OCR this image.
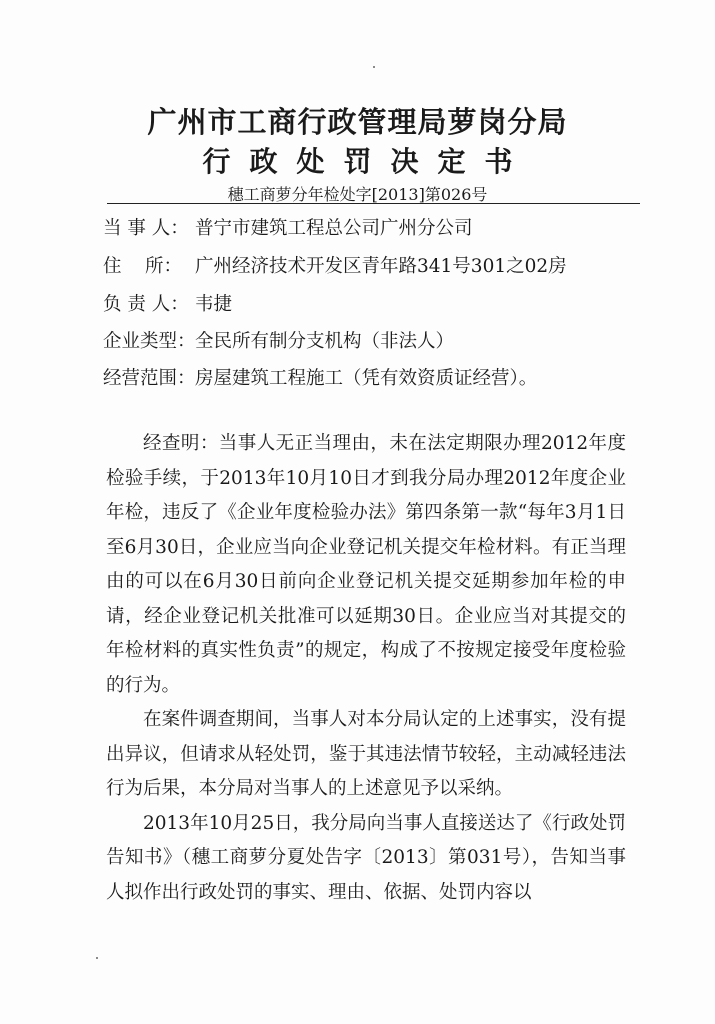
广州市工商行政管理局萝岗分局
行政处罚决定书
穗工商萝分年检处字[2013]第026号
当 事 人： 普宁市建筑工程总公司广州分公司
住    所： 广州经济技术开发区青年路341号301之02房
负 责 人： 韦捷
企业类型：全民所有制分支机构（非法人）
经营范围：房屋建筑工程施工（凭有效资质证经营）。

经查明：当事人无正当理由，未在法定期限办理2012年度检验手续，于2013年10月10日才到我分局办理2012年度企业年检，违反了《企业年度检验办法》第四条第一款“每年3月1日至6月30日，企业应当向企业登记机关提交年检材料。有正当理由的可以在6月30日前向企业登记机关提交延期参加年检的申请，经企业登记机关批准可以延期30日。企业应当对其提交的年检材料的真实性负责”的规定，构成了不按规定接受年度检验的行为。

在案件调查期间，当事人对本分局认定的上述事实，没有提出异议，但请求从轻处罚，鉴于其违法情节较轻，主动减轻违法行为后果，本分局对当事人的上述意见予以采纳。

2013年10月25日，我分局向当事人直接送达了《行政处罚告知书》（穗工商萝分夏处告字〔2013〕第031号），告知当事人拟作出行政处罚的事实、理由、依据、处罚内容以
